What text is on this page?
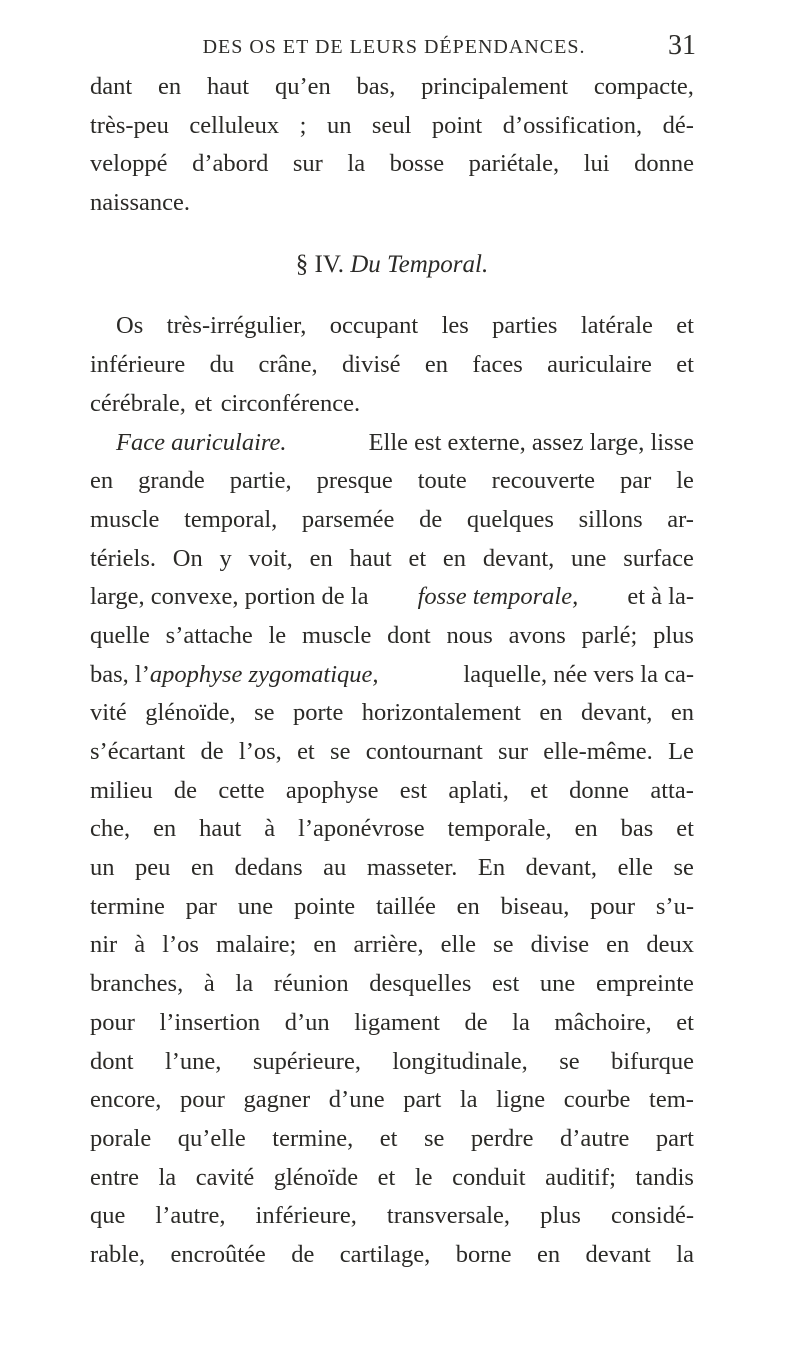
DES OS ET DE LEURS DÉPENDANCES.	31
dant en haut qu’en bas, principalement compacte,
très-peu celluleux ; un seul point d’ossification, dé-
veloppé d’abord sur la bosse pariétale, lui donne
naissance.
§ IV. Du Temporal.
Os très-irrégulier, occupant les parties latérale et
inférieure du crâne, divisé en faces auriculaire et
cérébrale, et circonférence.
Face auriculaire.	Elle est externe, assez large, lisse
en grande partie, presque toute recouverte par le
muscle temporal, parsemée de quelques sillons ar-
tériels. On y voit, en haut et en devant, une surface
large, convexe, portion de la fosse temporale, et à la-
quelle s’attache le muscle dont nous avons parlé; plus
bas, l’apophyse zygomatique,	laquelle, née vers la ca-
vité glénoïde, se porte horizontalement en devant, en
s’écartant de l’os, et se contournant sur elle-même. Le
milieu de cette apophyse est aplati, et donne atta-
che, en haut à l’aponévrose temporale, en bas et
un peu en dedans au masseter. En devant, elle se
termine par une pointe taillée en biseau, pour s’u-
nir à l’os malaire; en arrière, elle se divise en deux
branches, à la réunion desquelles est une empreinte
pour l’insertion d’un ligament de la mâchoire, et
dont l’une, supérieure, longitudinale, se bifurque
encore, pour gagner d’une part la ligne courbe tem-
porale qu’elle termine, et se perdre d’autre part
entre la cavité glénoïde et le conduit auditif; tandis
que l’autre, inférieure, transversale, plus considé-
rable, encroûtée de cartilage, borne en devant la
